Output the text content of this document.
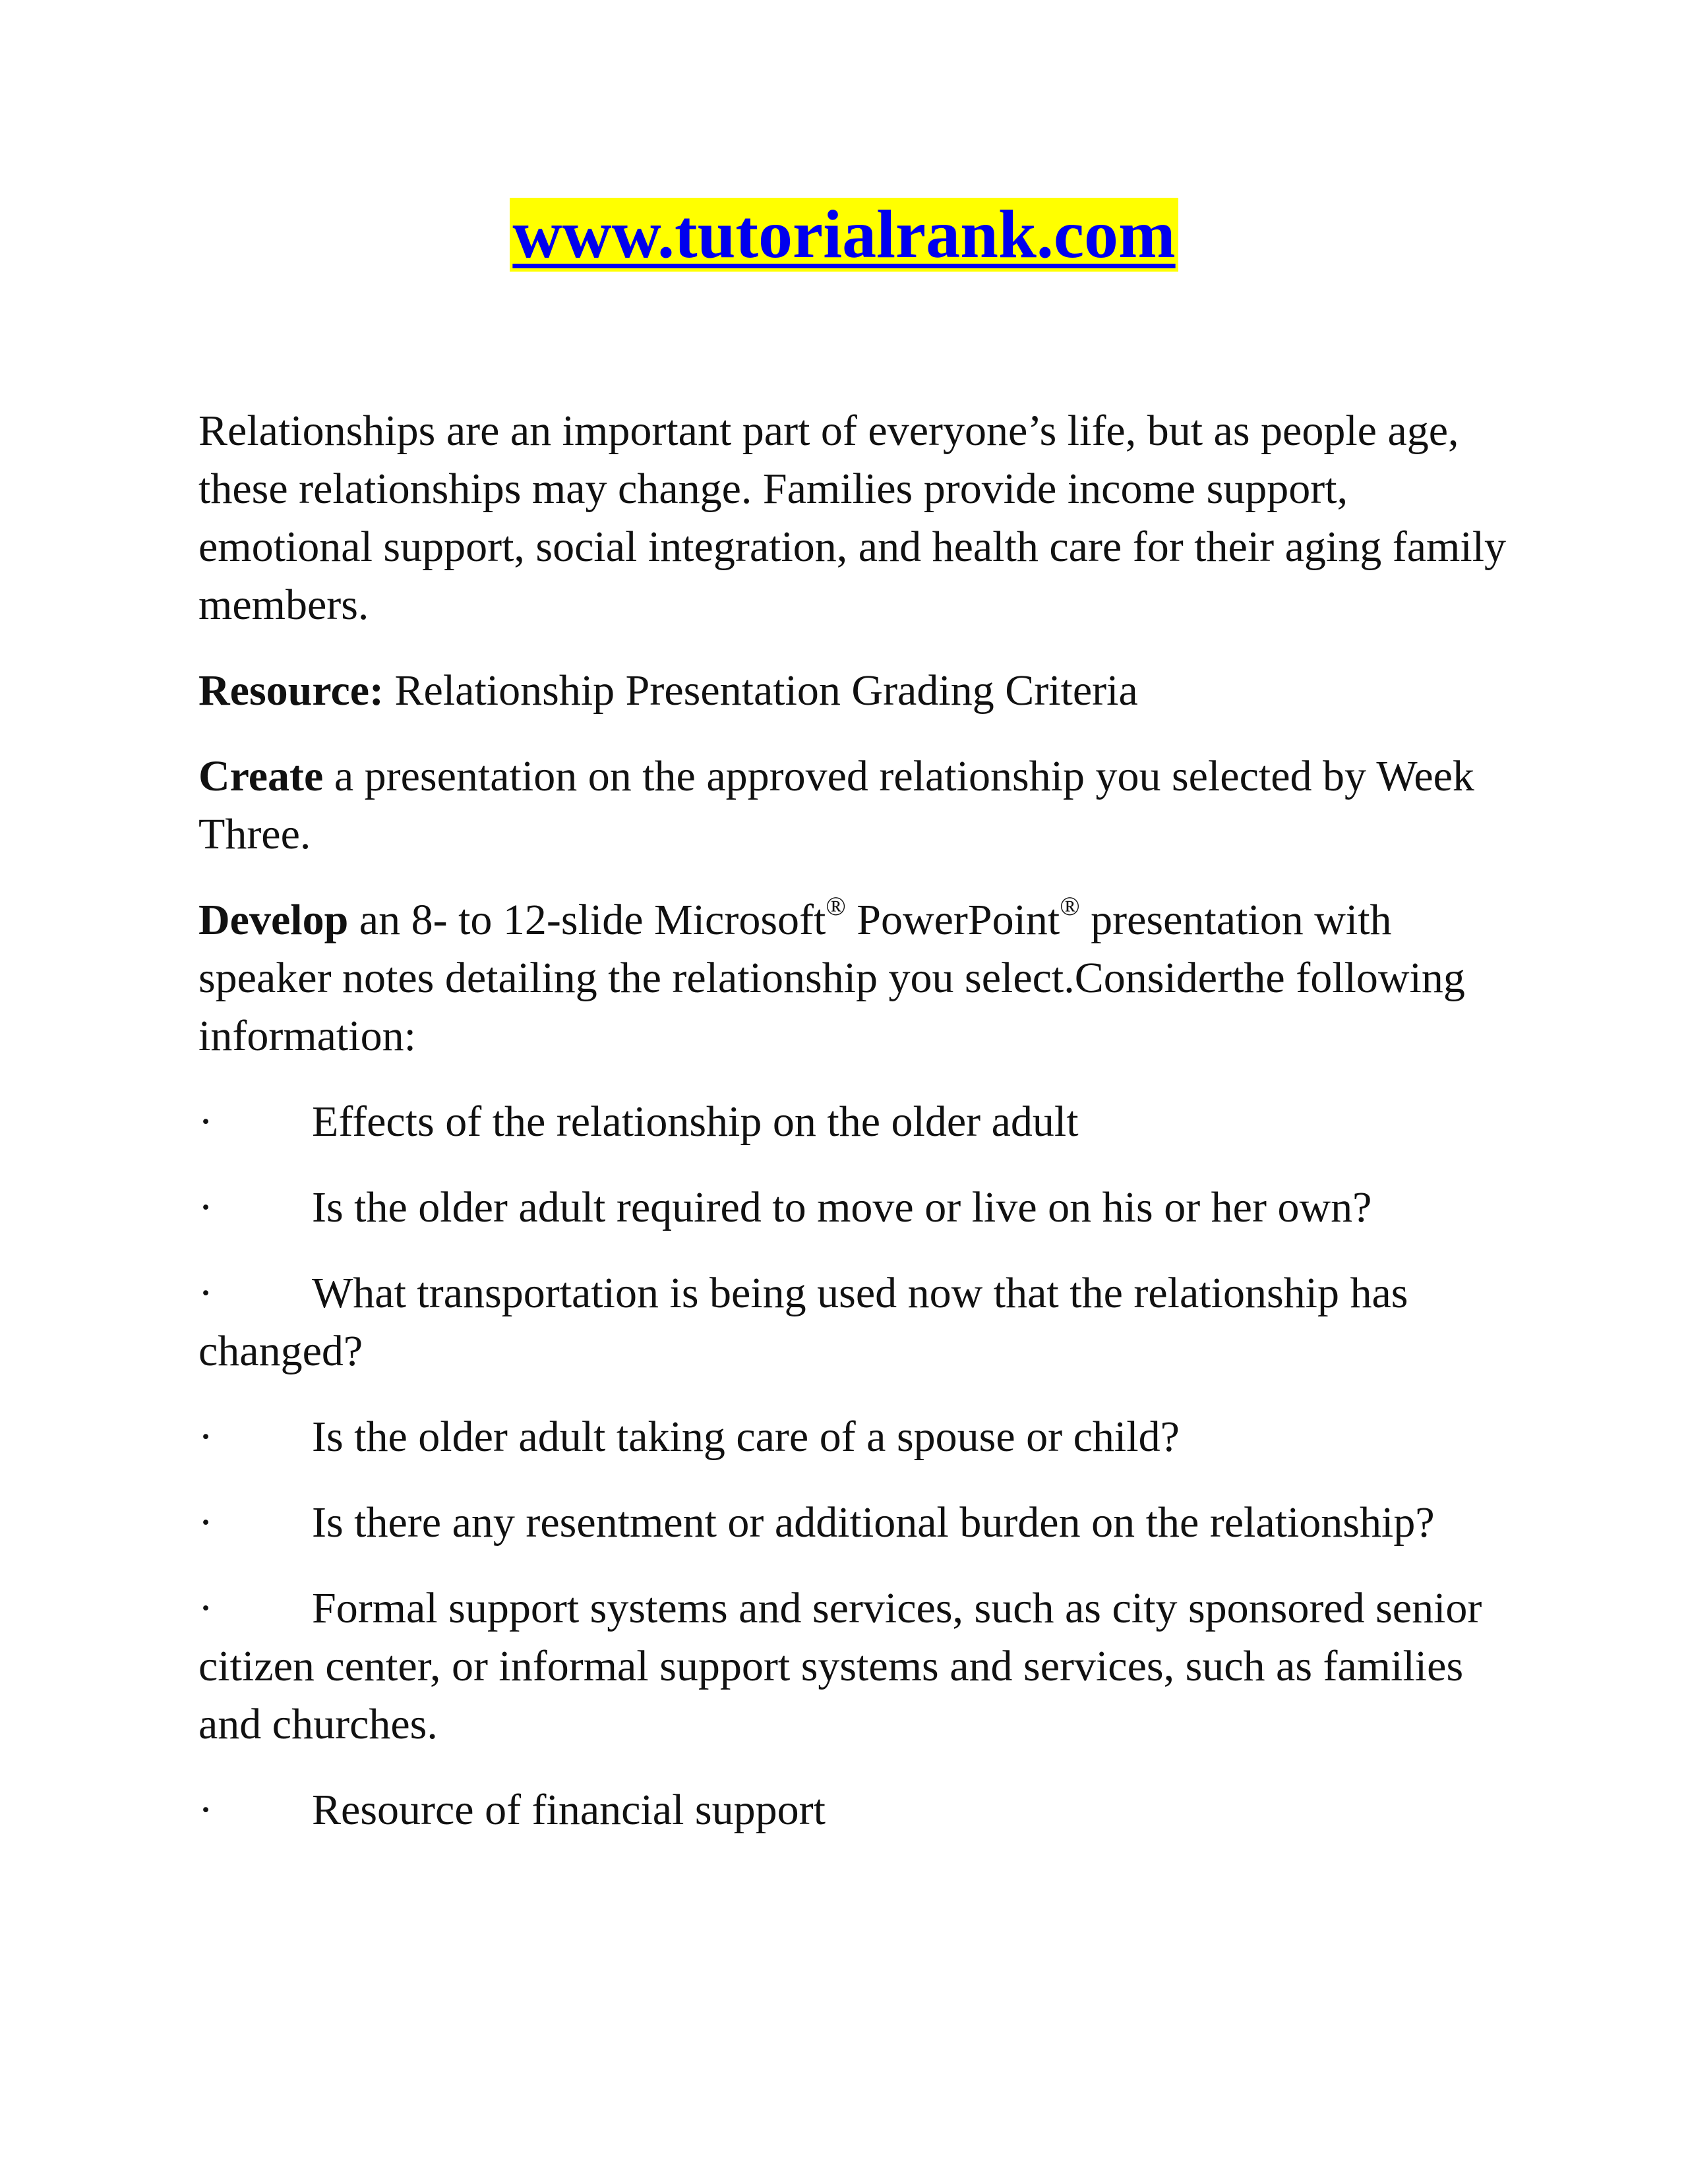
www.tutorialrank.com

Relationships are an important part of everyone’s life, but as people age, these relationships may change. Families provide income support, emotional support, social integration, and health care for their aging family members.

Resource: Relationship Presentation Grading Criteria

Create a presentation on the approved relationship you selected by Week Three.

Develop an 8- to 12-slide Microsoft® PowerPoint® presentation with speaker notes detailing the relationship you select.Considerthe following information:

· Effects of the relationship on the older adult

· Is the older adult required to move or live on his or her own?

· What transportation is being used now that the relationship has changed?

· Is the older adult taking care of a spouse or child?

· Is there any resentment or additional burden on the relationship?

· Formal support systems and services, such as city sponsored senior citizen center, or informal support systems and services, such as families and churches.

· Resource of financial support
